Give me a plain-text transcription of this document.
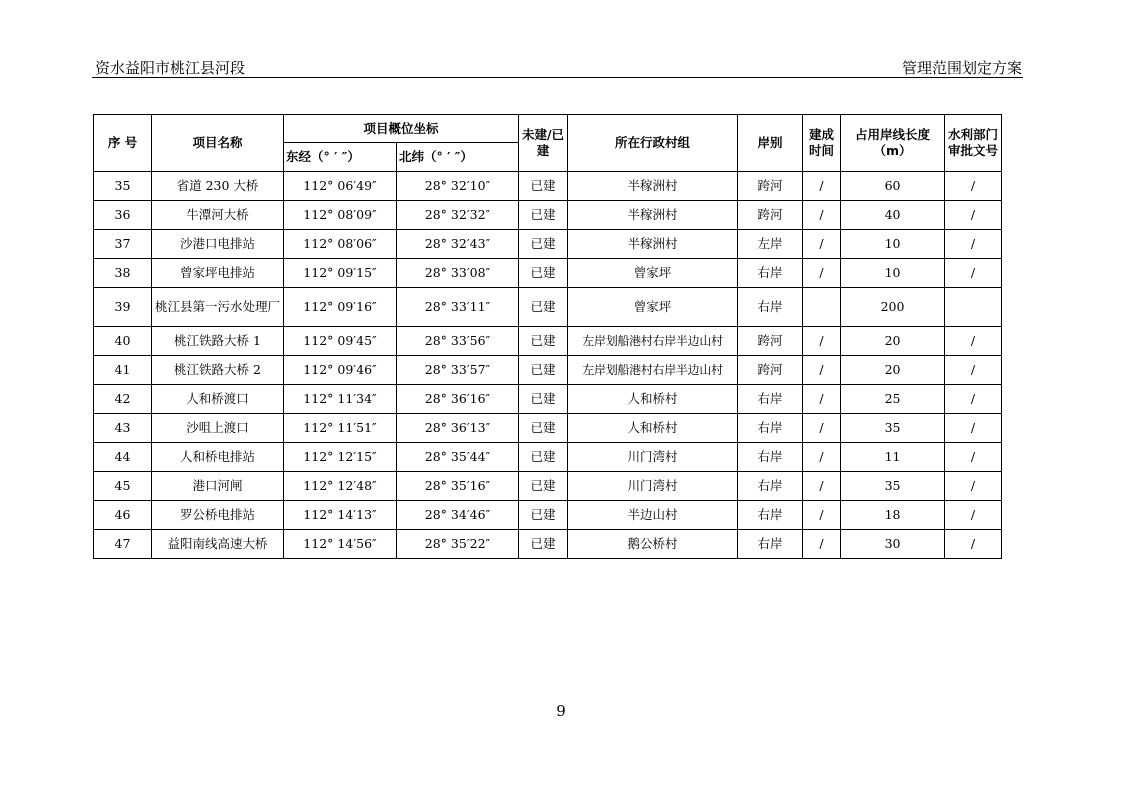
资水益阳市桃江县河段	管理范围划定方案
序 号	项目名称	项目概位坐标		未建/已建	所在行政村组	岸别	建成时间	占用岸线长度（m）	水利部门审批文号
		东经（° ′ ″）	北纬（° ′ ″）						
35	省道 230 大桥	112° 06′49″	28° 32′10″	已建	半稼洲村	跨河	/	60	/
36	牛潭河大桥	112° 08′09″	28° 32′32″	已建	半稼洲村	跨河	/	40	/
37	沙港口电排站	112° 08′06″	28° 32′43″	已建	半稼洲村	左岸	/	10	/
38	曾家坪电排站	112° 09′15″	28° 33′08″	已建	曾家坪	右岸	/	10	/
39	桃江县第一污水处理厂	112° 09′16″	28° 33′11″	已建	曾家坪	右岸		200	
40	桃江铁路大桥 1	112° 09′45″	28° 33′56″	已建	左岸划船港村右岸半边山村	跨河	/	20	/
41	桃江铁路大桥 2	112° 09′46″	28° 33′57″	已建	左岸划船港村右岸半边山村	跨河	/	20	/
42	人和桥渡口	112° 11′34″	28° 36′16″	已建	人和桥村	右岸	/	25	/
43	沙咀上渡口	112° 11′51″	28° 36′13″	已建	人和桥村	右岸	/	35	/
44	人和桥电排站	112° 12′15″	28° 35′44″	已建	川门湾村	右岸	/	11	/
45	港口河闸	112° 12′48″	28° 35′16″	已建	川门湾村	右岸	/	35	/
46	罗公桥电排站	112° 14′13″	28° 34′46″	已建	半边山村	右岸	/	18	/
47	益阳南线高速大桥	112° 14′56″	28° 35′22″	已建	鹅公桥村	右岸	/	30	/
9
